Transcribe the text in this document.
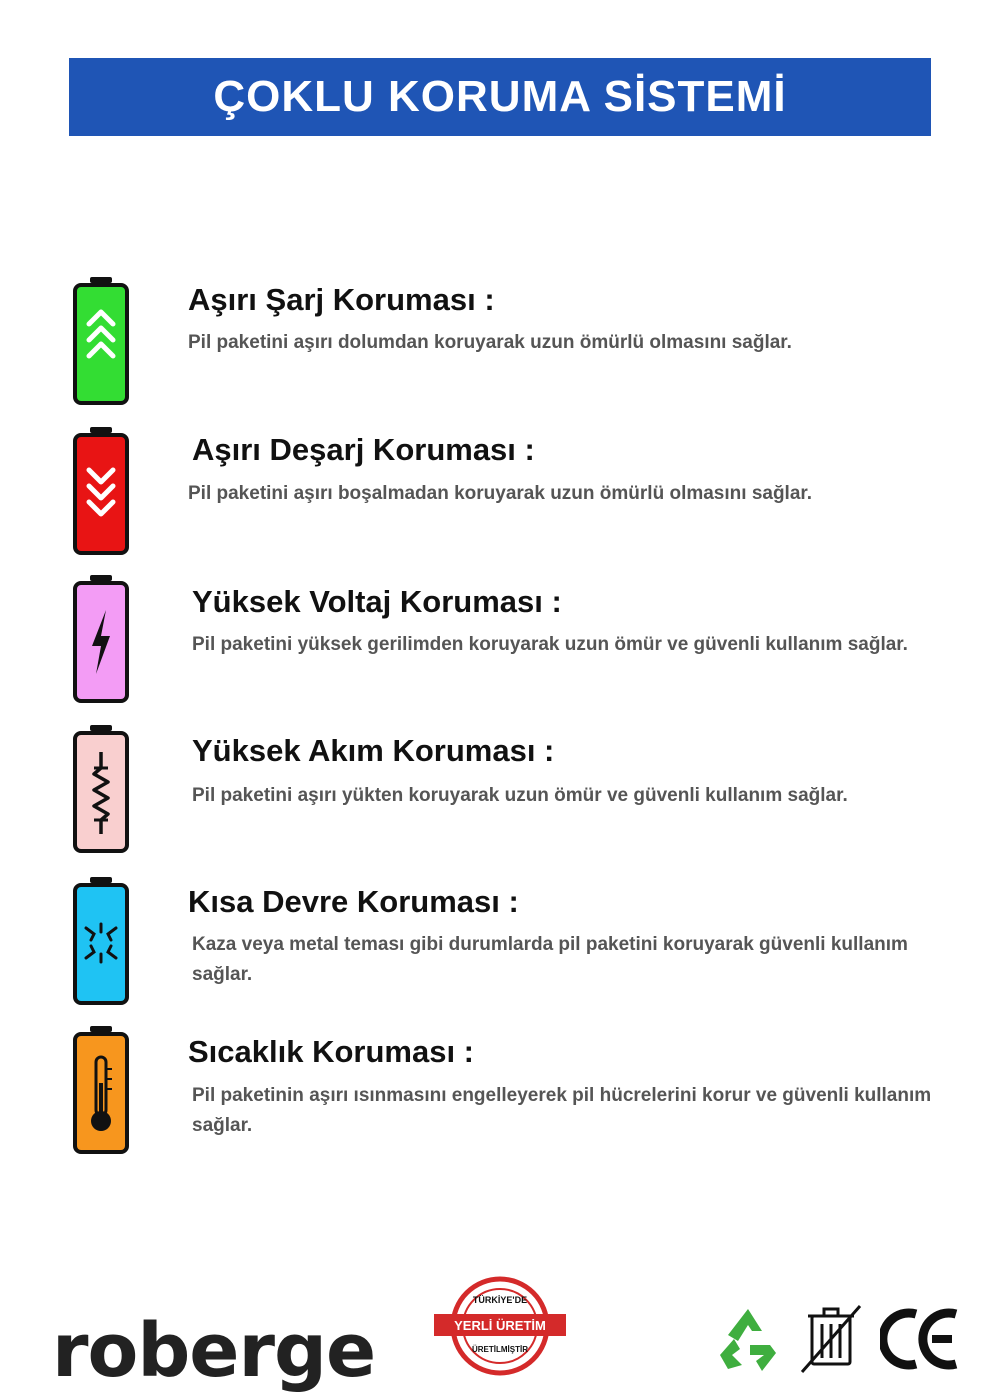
ÇOKLU KORUMA SİSTEMİ
Aşırı Şarj Koruması :
Pil paketini aşırı dolumdan koruyarak uzun ömürlü olmasını sağlar.
Aşırı Deşarj Koruması :
Pil paketini aşırı boşalmadan koruyarak uzun ömürlü olmasını sağlar.
Yüksek Voltaj Koruması :
Pil paketini yüksek gerilimden koruyarak uzun ömür ve güvenli kullanım sağlar.
Yüksek Akım Koruması :
Pil paketini aşırı yükten koruyarak uzun ömür ve güvenli kullanım sağlar.
Kısa Devre Koruması :
Kaza veya metal teması gibi durumlarda pil paketini koruyarak güvenli kullanım sağlar.
Sıcaklık Koruması :
Pil paketinin aşırı ısınmasını engelleyerek pil hücrelerini korur ve güvenli kullanım sağlar.
roberge
TÜRKİYE'DE
YERLİ ÜRETİM
ÜRETİLMİŞTİR
